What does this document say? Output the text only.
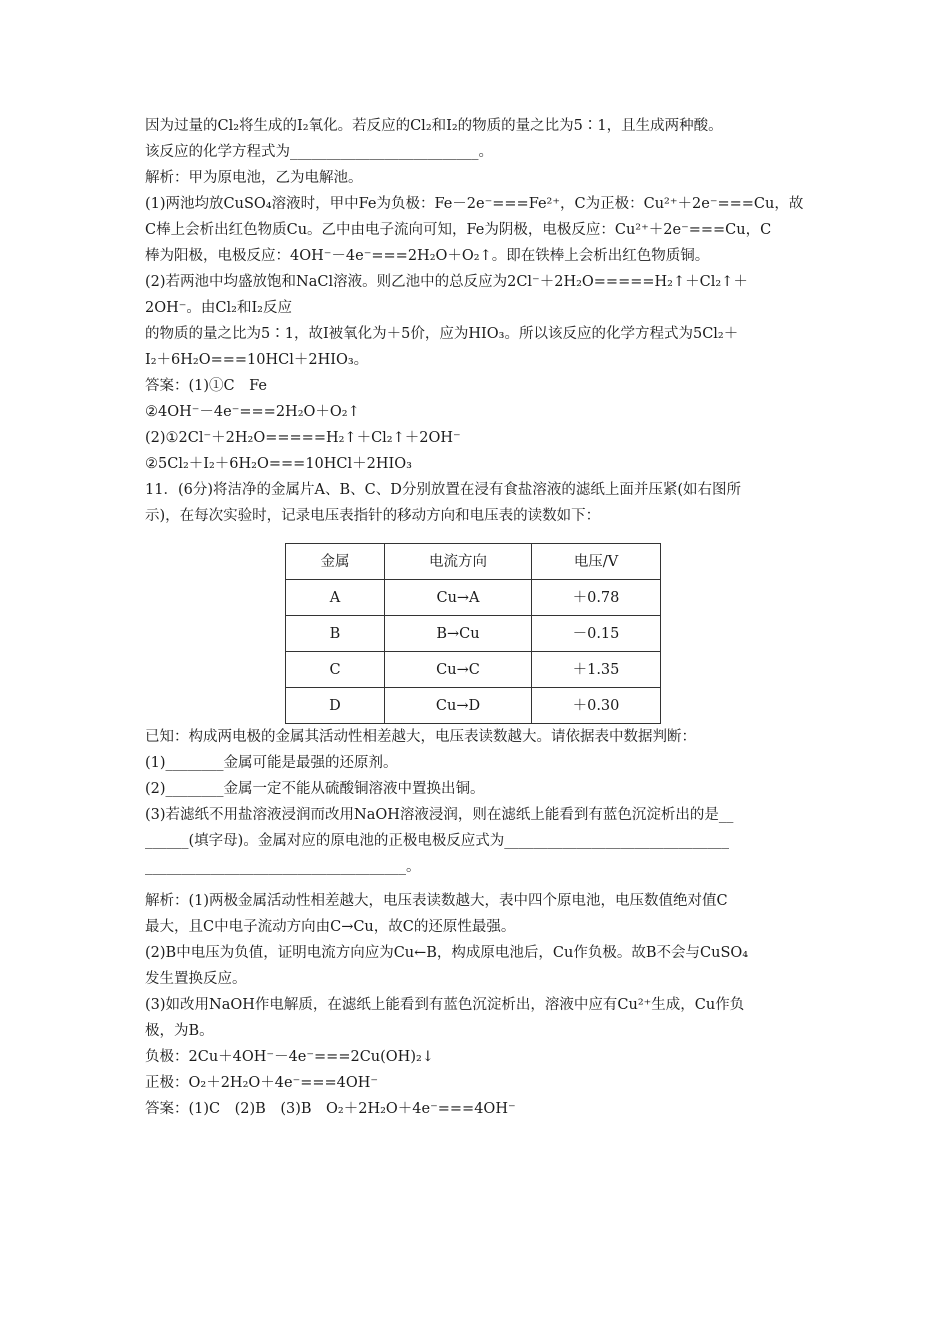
因为过量的Cl₂将生成的I₂氧化。若反应的Cl₂和I₂的物质的量之比为5∶1，且生成两种酸。
该反应的化学方程式为__________________________。
解析：甲为原电池，乙为电解池。
(1)两池均放CuSO₄溶液时，甲中Fe为负极：Fe－2e⁻===Fe²⁺，C为正极：Cu²⁺＋2e⁻===Cu，故
C棒上会析出红色物质Cu。乙中由电子流向可知，Fe为阴极，电极反应：Cu²⁺＋2e⁻===Cu，C
棒为阳极，电极反应：4OH⁻－4e⁻===2H₂O＋O₂↑。即在铁棒上会析出红色物质铜。
(2)若两池中均盛放饱和NaCl溶液。则乙池中的总反应为2Cl⁻＋2H₂O=====H₂↑＋Cl₂↑＋
2OH⁻。由Cl₂和I₂反应
的物质的量之比为5∶1，故I被氧化为＋5价，应为HIO₃。所以该反应的化学方程式为5Cl₂＋
I₂＋6H₂O===10HCl＋2HIO₃。
答案：(1)①C　Fe
②4OH⁻－4e⁻===2H₂O＋O₂↑
(2)①2Cl⁻＋2H₂O=====H₂↑＋Cl₂↑＋2OH⁻
②5Cl₂＋I₂＋6H₂O===10HCl＋2HIO₃
11．(6分)将洁净的金属片A、B、C、D分别放置在浸有食盐溶液的滤纸上面并压紧(如右图所
示)，在每次实验时，记录电压表指针的移动方向和电压表的读数如下：
金属	电流方向	电压/V
A	Cu→A	＋0.78
B	B→Cu	－0.15
C	Cu→C	＋1.35
D	Cu→D	＋0.30
已知：构成两电极的金属其活动性相差越大，电压表读数越大。请依据表中数据判断：
(1)________金属可能是最强的还原剂。
(2)________金属一定不能从硫酸铜溶液中置换出铜。
(3)若滤纸不用盐溶液浸润而改用NaOH溶液浸润，则在滤纸上能看到有蓝色沉淀析出的是__
______(填字母)。金属对应的原电池的正极电极反应式为_______________________________
____________________________________。
解析：(1)两极金属活动性相差越大，电压表读数越大，表中四个原电池，电压数值绝对值C
最大，且C中电子流动方向由C→Cu，故C的还原性最强。
(2)B中电压为负值，证明电流方向应为Cu←B，构成原电池后，Cu作负极。故B不会与CuSO₄
发生置换反应。
(3)如改用NaOH作电解质，在滤纸上能看到有蓝色沉淀析出，溶液中应有Cu²⁺生成，Cu作负
极，为B。
负极：2Cu＋4OH⁻－4e⁻===2Cu(OH)₂↓
正极：O₂＋2H₂O＋4e⁻===4OH⁻
答案：(1)C　(2)B　(3)B　O₂＋2H₂O＋4e⁻===4OH⁻
